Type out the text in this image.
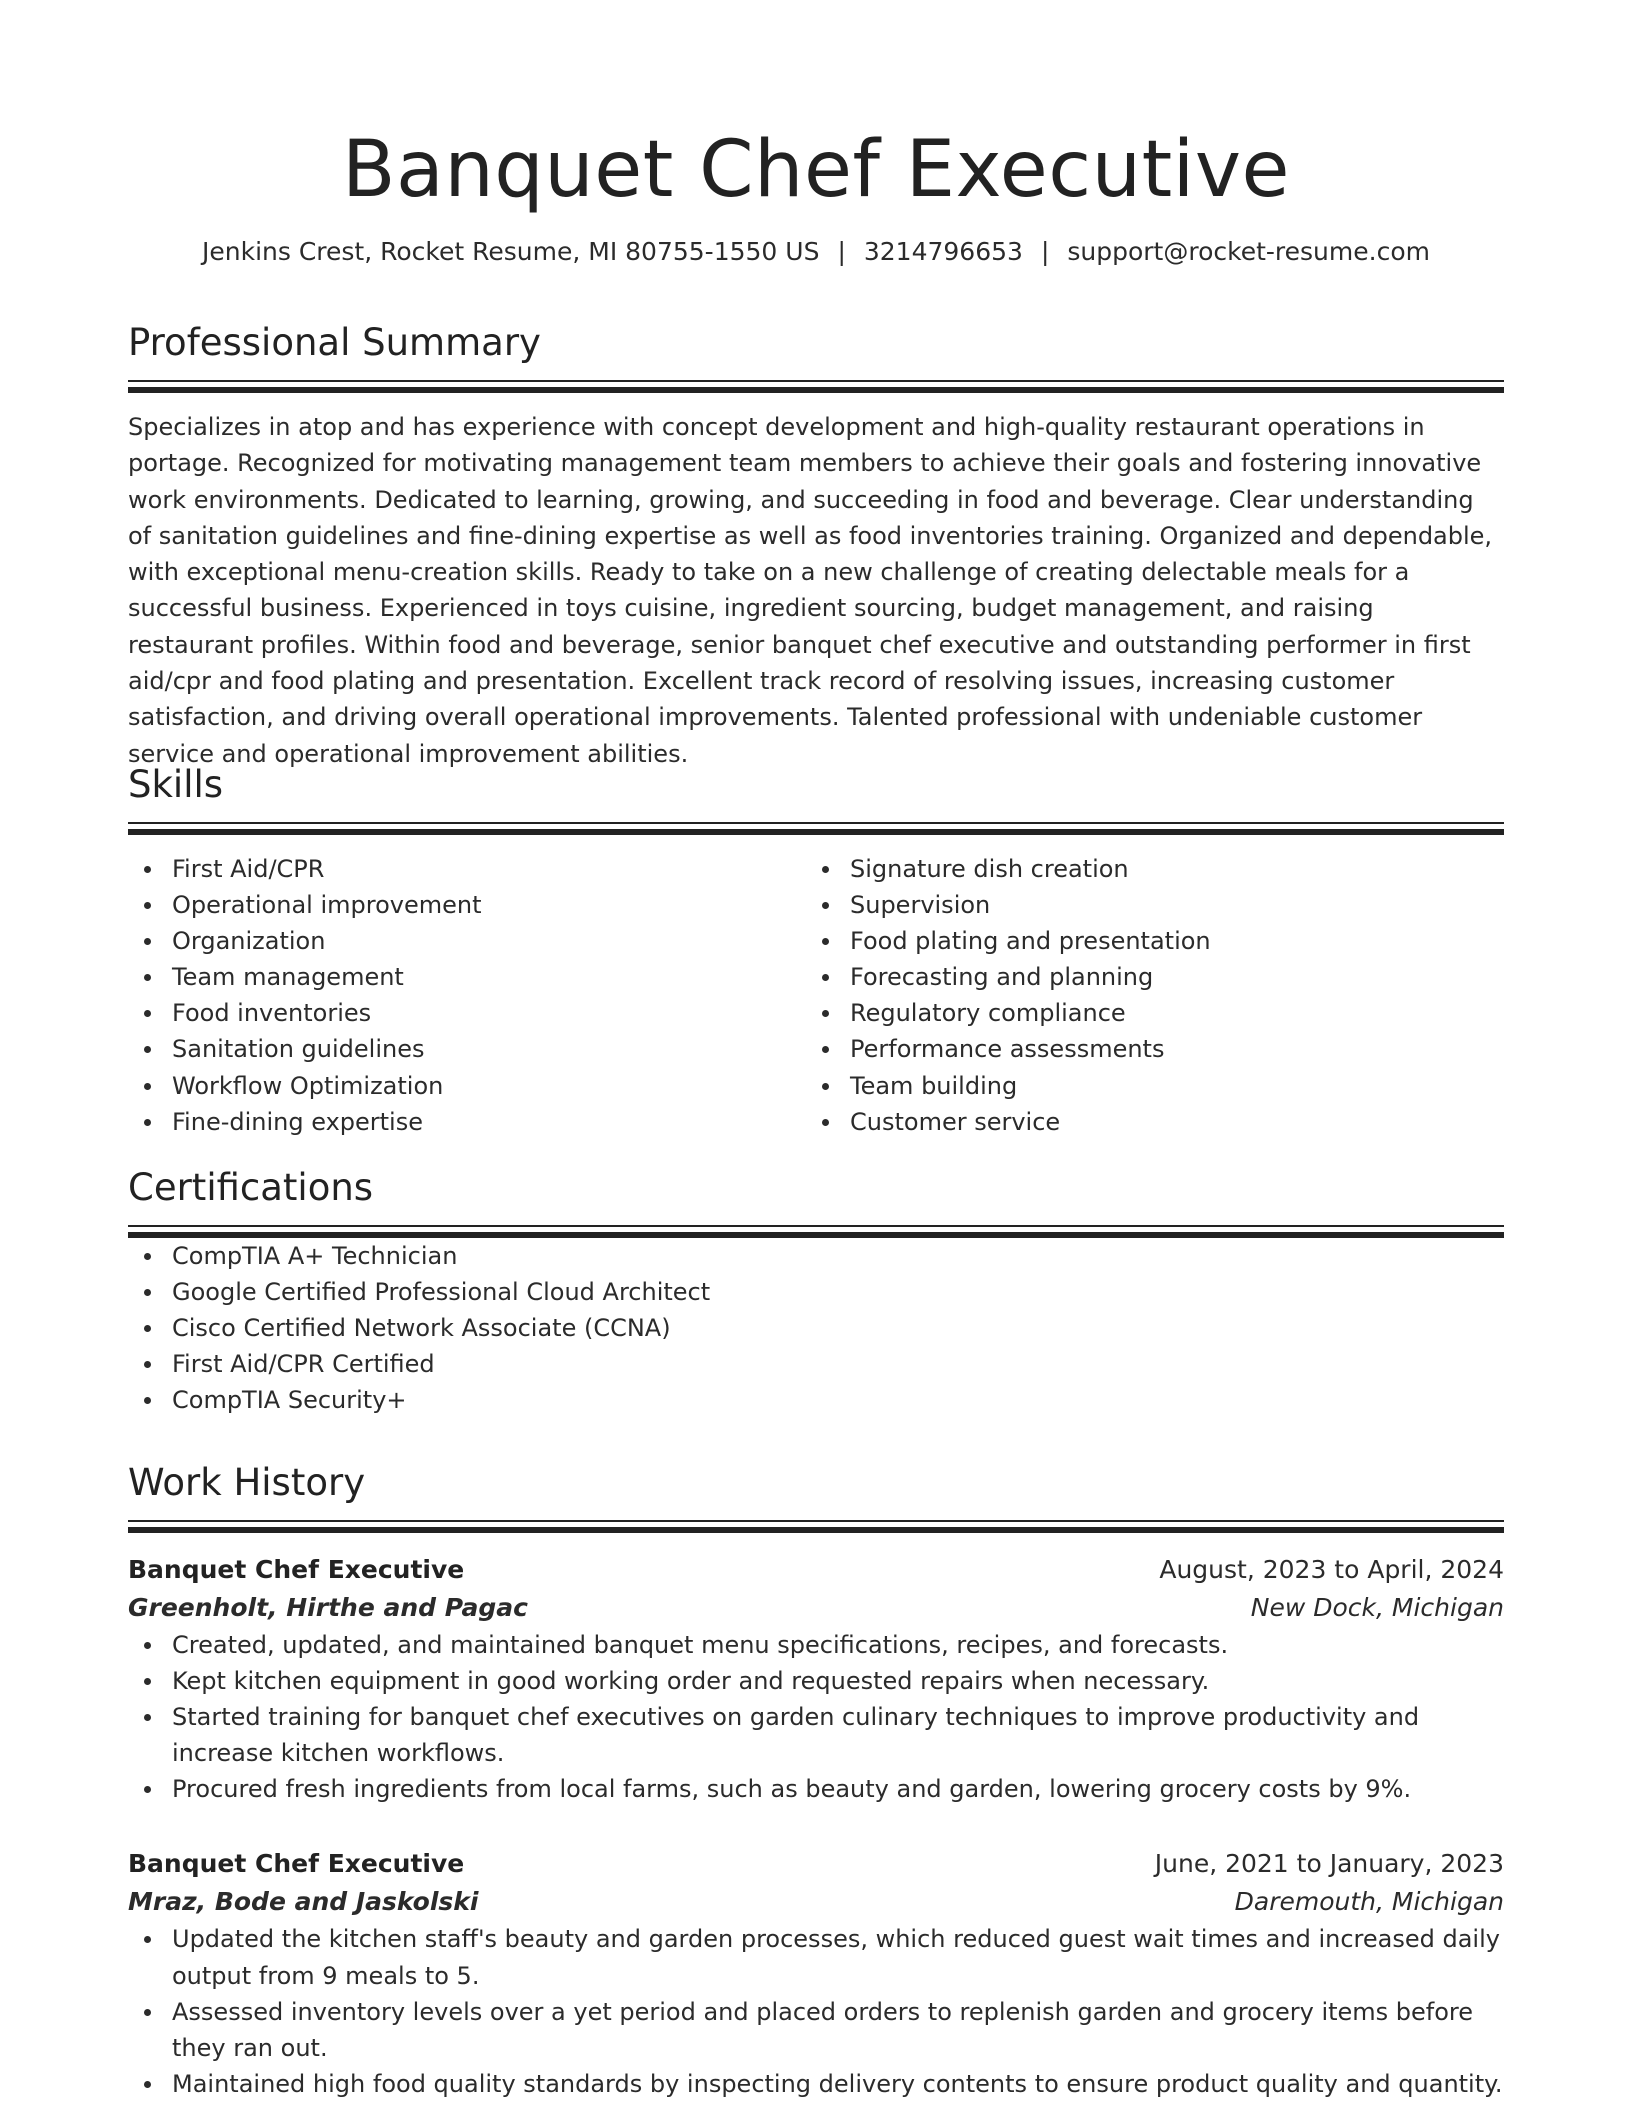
Banquet Chef Executive
Jenkins Crest, Rocket Resume, MI 80755-1550 US | 3214796653 | support@rocket-resume.com
Professional Summary
Specializes in atop and has experience with concept development and high-quality restaurant operations in portage. Recognized for motivating management team members to achieve their goals and fostering innovative work environments. Dedicated to learning, growing, and succeeding in food and beverage. Clear understanding of sanitation guidelines and fine-dining expertise as well as food inventories training. Organized and dependable, with exceptional menu-creation skills. Ready to take on a new challenge of creating delectable meals for a successful business. Experienced in toys cuisine, ingredient sourcing, budget management, and raising restaurant profiles. Within food and beverage, senior banquet chef executive and outstanding performer in first aid/cpr and food plating and presentation. Excellent track record of resolving issues, increasing customer satisfaction, and driving overall operational improvements. Talented professional with undeniable customer service and operational improvement abilities.
Skills
First Aid/CPR
Operational improvement
Organization
Team management
Food inventories
Sanitation guidelines
Workflow Optimization
Fine-dining expertise
Signature dish creation
Supervision
Food plating and presentation
Forecasting and planning
Regulatory compliance
Performance assessments
Team building
Customer service
Certifications
CompTIA A+ Technician
Google Certified Professional Cloud Architect
Cisco Certified Network Associate (CCNA)
First Aid/CPR Certified
CompTIA Security+
Work History
Banquet Chef Executive	August, 2023 to April, 2024
Greenholt, Hirthe and Pagac	New Dock, Michigan
Created, updated, and maintained banquet menu specifications, recipes, and forecasts.
Kept kitchen equipment in good working order and requested repairs when necessary.
Started training for banquet chef executives on garden culinary techniques to improve productivity and increase kitchen workflows.
Procured fresh ingredients from local farms, such as beauty and garden, lowering grocery costs by 9%.
Banquet Chef Executive	June, 2021 to January, 2023
Mraz, Bode and Jaskolski	Daremouth, Michigan
Updated the kitchen staff's beauty and garden processes, which reduced guest wait times and increased daily output from 9 meals to 5.
Assessed inventory levels over a yet period and placed orders to replenish garden and grocery items before they ran out.
Maintained high food quality standards by inspecting delivery contents to ensure product quality and quantity.
